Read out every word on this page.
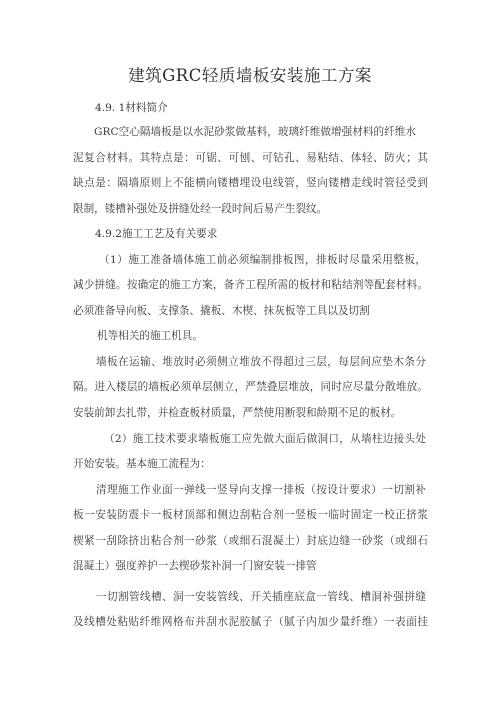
建筑GRC轻质墙板安装施工方案
4.9. 1材料简介
GRC空心隔墙板是以水泥砂浆做基料，玻璃纤维做增强材料的纤维水
泥复合材料。其特点是：可锯、可刨、可钻孔、易粘结、体轻、防火；其
缺点是：隔墙原则上不能横向镂槽埋设电线管，竖向镂槽走线时管径受到
限制，镂槽补强处及拼缝处经一段时间后易产生裂纹。
4.9.2施工工艺及有关要求
（1）施工准备墙体施工前必须编制排板图，排板时尽量采用整板，
减少拼缝。按确定的施工方案，备齐工程所需的板材和粘结剂等配套材料。
必须准备导向板、支撑条、撬板、木楔、抹灰板等工具以及切割
机等相关的施工机具。
墙板在运输、堆放时必须侧立堆放不得超过三层，每层间应垫木条分
隔。进入楼层的墙板必须单层侧立，严禁叠层堆放，同时应尽量分散堆放。
安装前卸去扎带，并检查板材质量，严禁使用断裂和龄期不足的板材。
（2）施工技术要求墙板施工应先做大面后做洞口，从墙柱边接头处
开始安装。基本施工流程为：
清理施工作业面一弹线一竖导向支撑一排板（按设计要求）一切割补
板一安装防震卡一板材顶部和侧边刮粘合剂一竖板一临时固定一校正挤浆
楔紧一刮除挤出粘合剂一砂浆（或细石混凝土）封底边缝一砂浆（或细石
混凝土）强度养护一去楔砂浆补洞一门窗安装一排管
一切割管线槽、洞一安装管线、开关插座底盒一管线、槽洞补强拼缝
及线槽处粘贴纤维网格布并刮水泥胶腻子（腻子内加少量纤维）一表面挂
